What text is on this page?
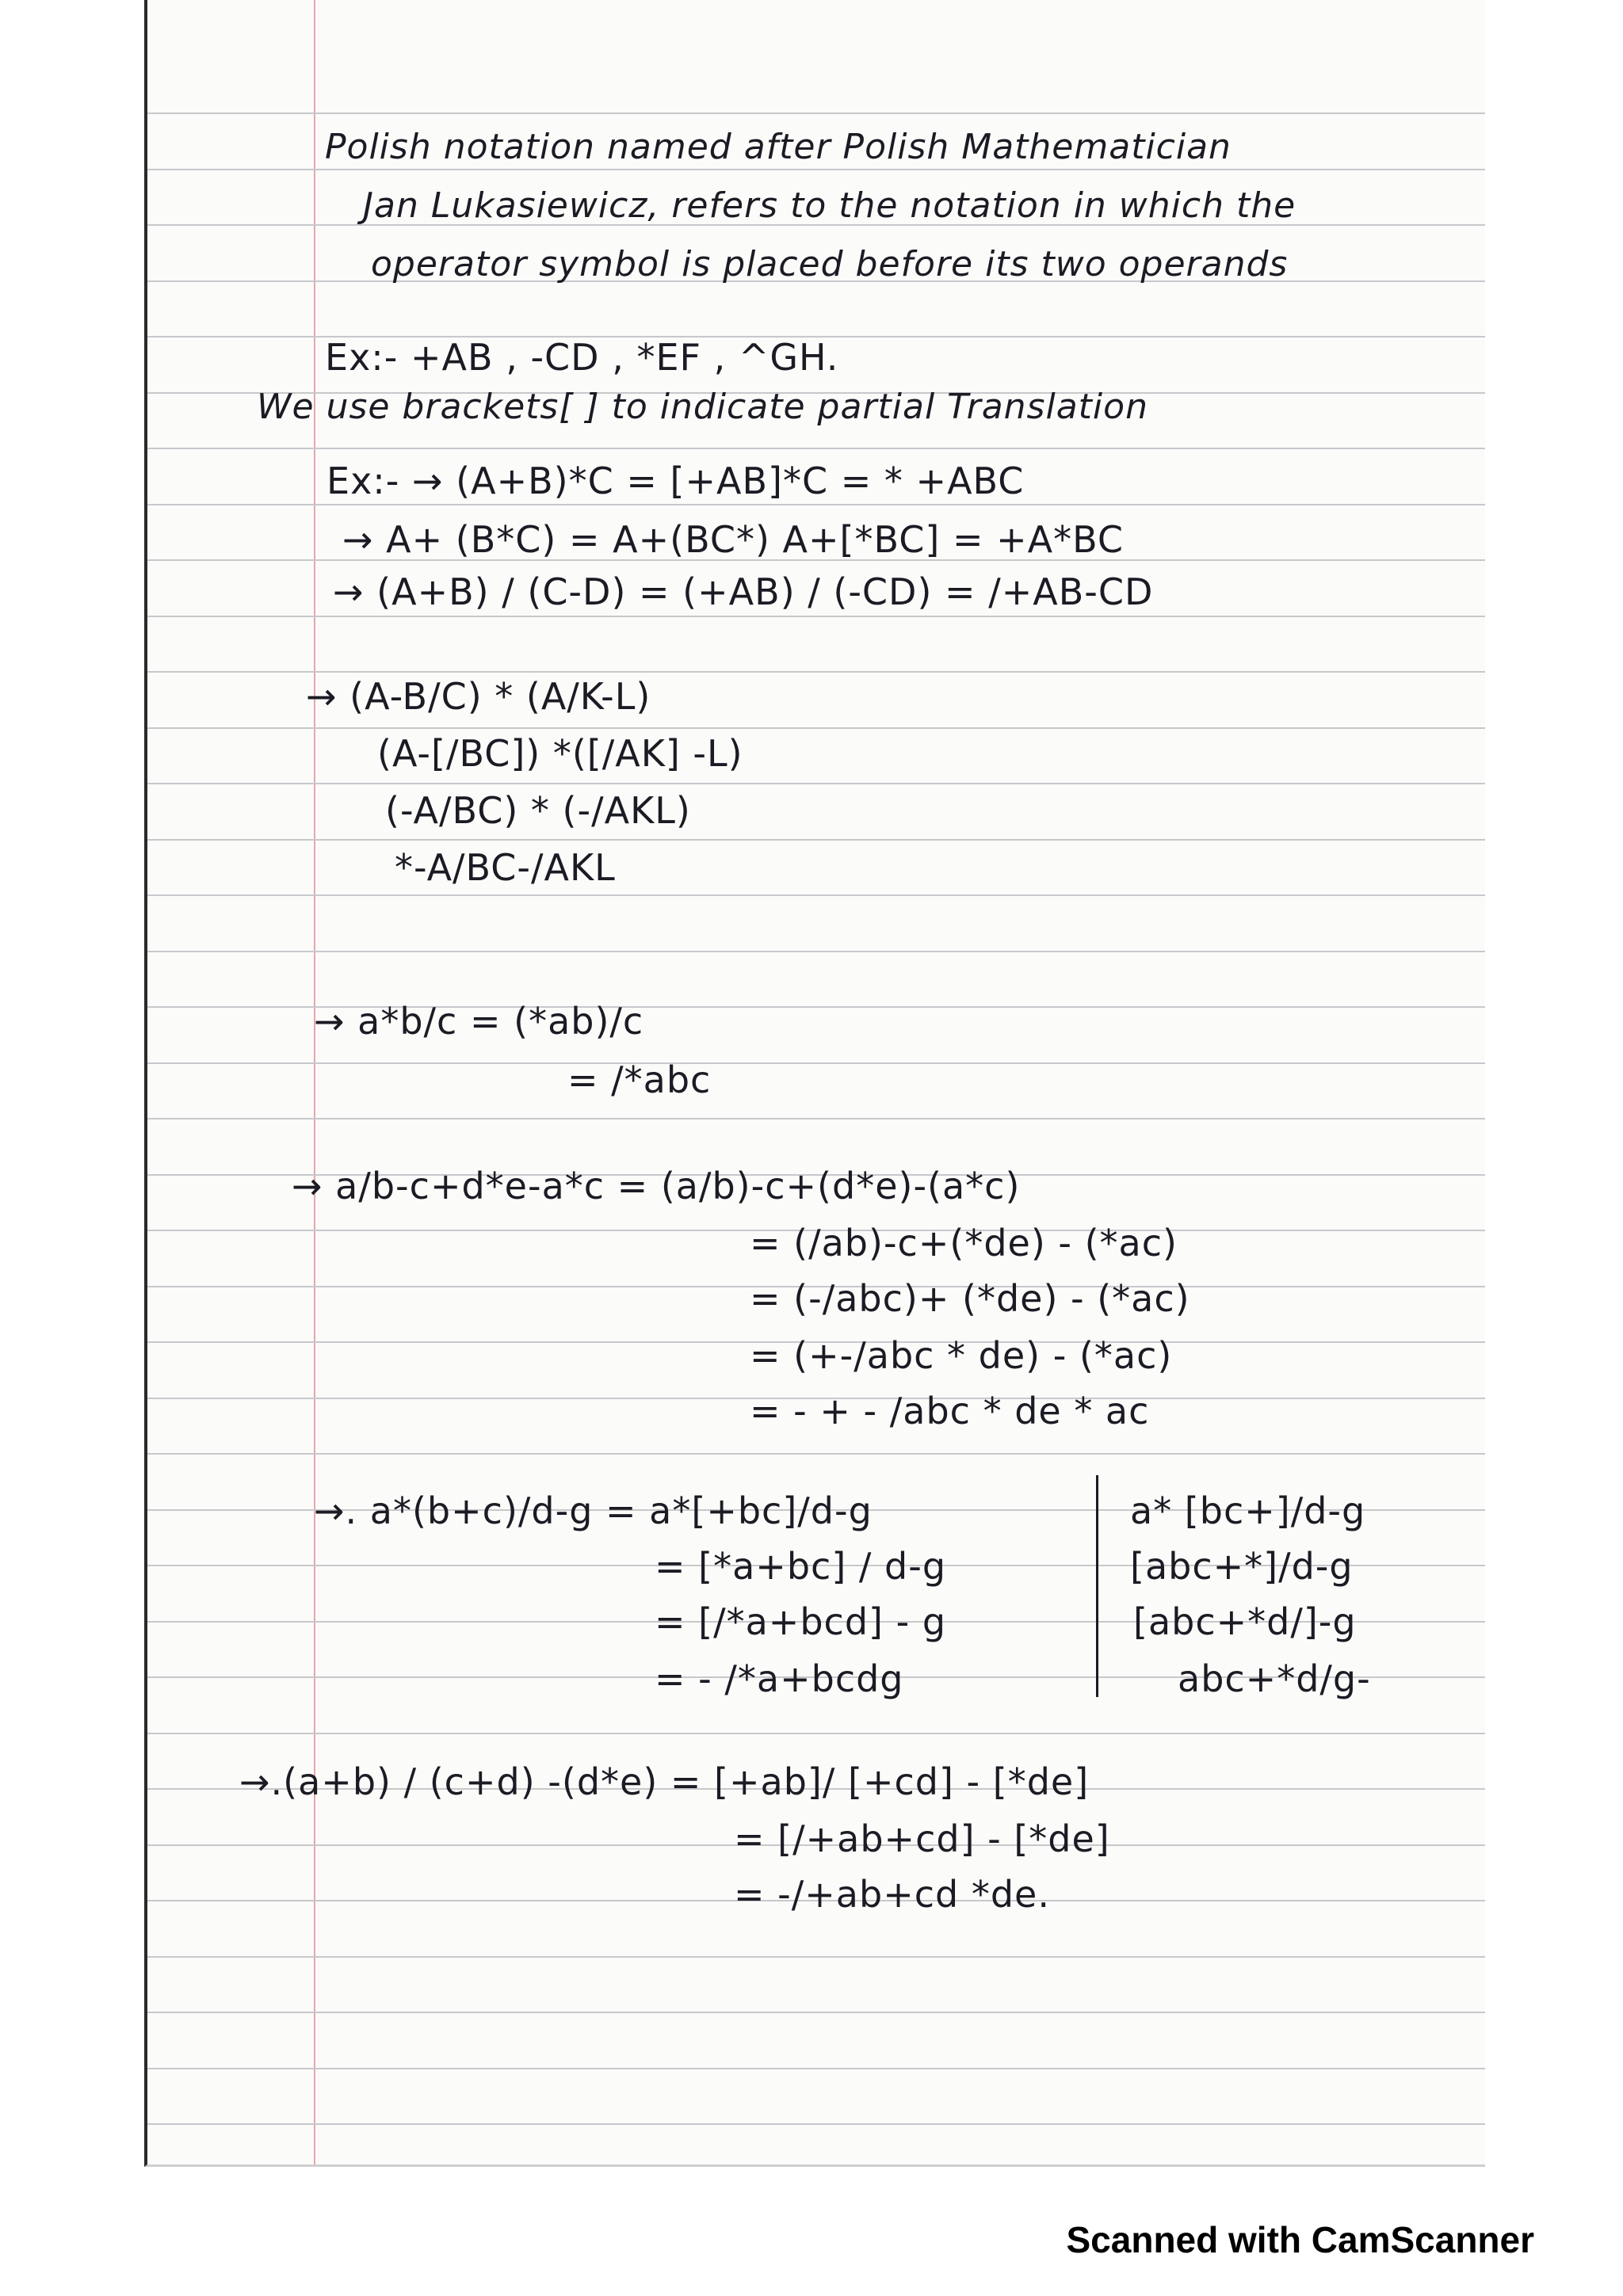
Polish notation named after Polish Mathematician
Jan Lukasiewicz, refers to the notation in which the
operator symbol is placed before its two operands
Ex:- +AB , -CD , *EF , ^GH.
We use brackets[ ] to indicate partial Translation
Ex:- → (A+B)*C = [+AB]*C = * +ABC
→ A+ (B*C) = A+(BC*) A+[*BC] = +A*BC
→ (A+B) / (C-D) = (+AB) / (-CD) = /+AB-CD
→ (A-B/C) * (A/K-L)
(A-[/BC]) *([/AK] -L)
(-A/BC) * (-/AKL)
*-A/BC-/AKL
→ a*b/c = (*ab)/c
= /*abc
→ a/b-c+d*e-a*c = (a/b)-c+(d*e)-(a*c)
= (/ab)-c+(*de) - (*ac)
= (-/abc)+ (*de) - (*ac)
= (+-/abc * de) - (*ac)
= - + - /abc * de * ac
→. a*(b+c)/d-g = a*[+bc]/d-g
= [*a+bc] / d-g
= [/*a+bcd] - g
= - /*a+bcdg
a* [bc+]/d-g
[abc+*]/d-g
[abc+*d/]-g
abc+*d/g-
→.(a+b) / (c+d) -(d*e) = [+ab]/ [+cd] - [*de]
= [/+ab+cd] - [*de]
= -/+ab+cd *de.
Scanned with CamScanner
